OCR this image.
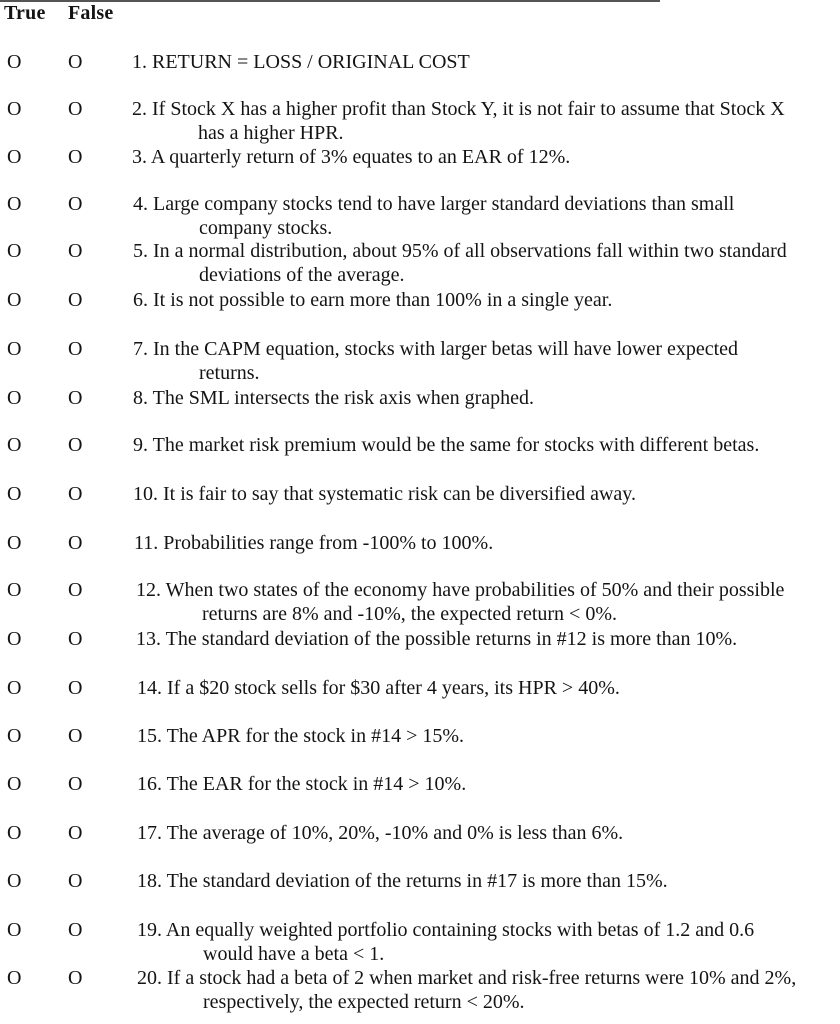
True False
O O 1. RETURN = LOSS / ORIGINAL COST
O O 2. If Stock X has a higher profit than Stock Y, it is not fair to assume that Stock X
has a higher HPR.
O O 3. A quarterly return of 3% equates to an EAR of 12%.
O O	4. Large company stocks tend to have larger standard deviations than small
company stocks.
O O	5. In a normal distribution, about 95% of all observations fall within two standard
deviations of the average.
O O	6. It is not possible to earn more than 100% in a single year.
O O	7. In the CAPM equation, stocks with larger betas will have lower expected
returns.
O O	8. The SML intersects the risk axis when graphed.
O O	9. The market risk premium would be the same for stocks with different betas.
O O	10. It is fair to say that systematic risk can be diversified away.
O O	11. Probabilities range from -100% to 100%.
O O	12. When two states of the economy have probabilities of 50% and their possible
returns are 8% and -10%, the expected return < 0%.
O O	13. The standard deviation of the possible returns in #12 is more than 10%.
O O	14. If a $20 stock sells for $30 after 4 years, its HPR > 40%.
O O	15. The APR for the stock in #14 > 15%.
O O	16. The EAR for the stock in #14 > 10%.
O O	17. The average of 10%, 20%, -10% and 0% is less than 6%.
O O	18. The standard deviation of the returns in #17 is more than 15%.
O O	19. An equally weighted portfolio containing stocks with betas of 1.2 and 0.6
would have a beta < 1.
O O	20. If a stock had a beta of 2 when market and risk-free returns were 10% and 2%,
respectively, the expected return < 20%.
